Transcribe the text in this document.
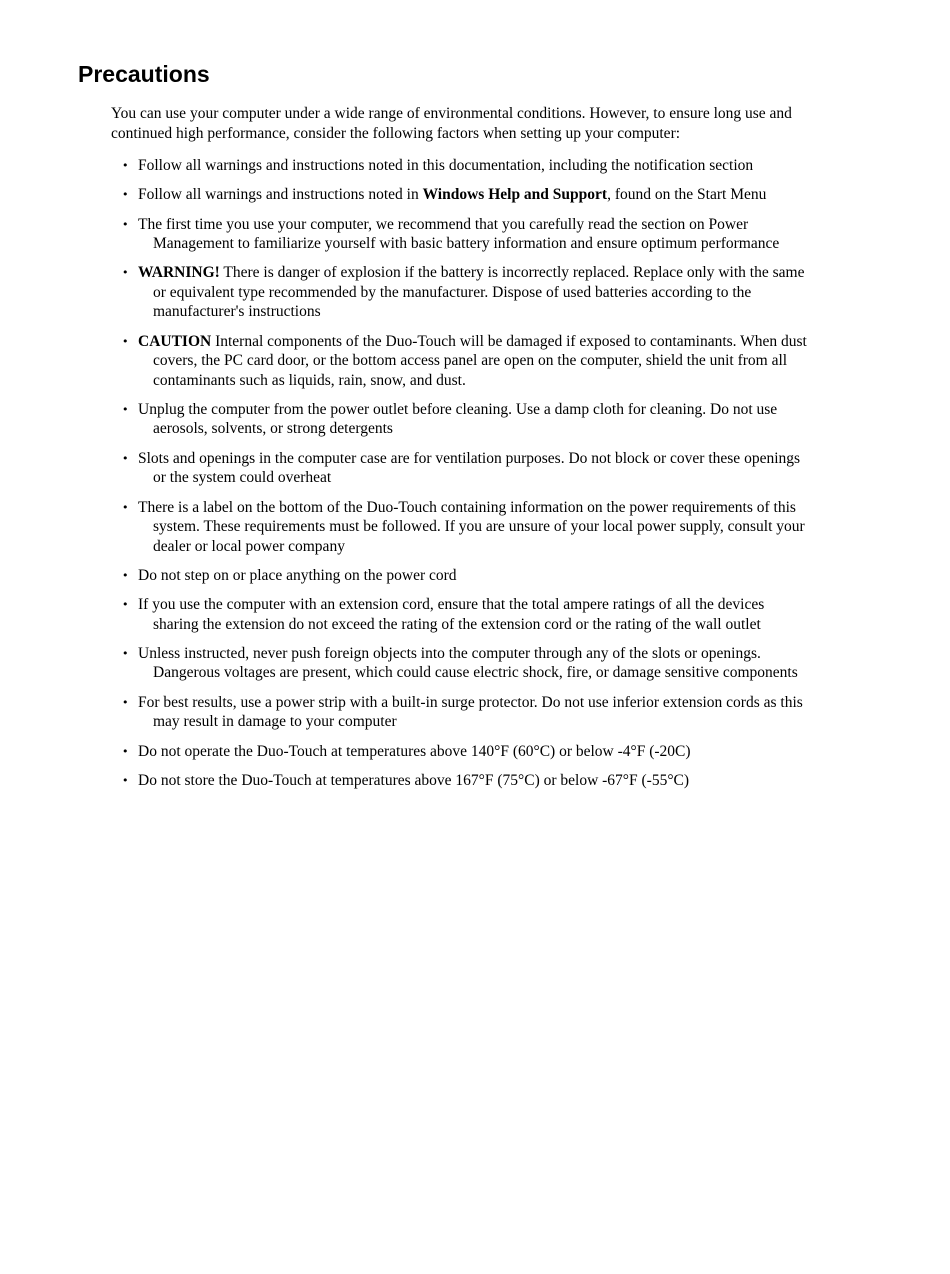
Precautions

You can use your computer under a wide range of environmental conditions. However, to ensure long use and continued high performance, consider the following factors when setting up your computer:

• Follow all warnings and instructions noted in this documentation, including the notification section
• Follow all warnings and instructions noted in Windows Help and Support, found on the Start Menu
• The first time you use your computer, we recommend that you carefully read the section on Power Management to familiarize yourself with basic battery information and ensure optimum performance
• WARNING! There is danger of explosion if the battery is incorrectly replaced. Replace only with the same or equivalent type recommended by the manufacturer. Dispose of used batteries according to the manufacturer's instructions
• CAUTION Internal components of the Duo-Touch will be damaged if exposed to contaminants. When dust covers, the PC card door, or the bottom access panel are open on the computer, shield the unit from all contaminants such as liquids, rain, snow, and dust.
• Unplug the computer from the power outlet before cleaning. Use a damp cloth for cleaning. Do not use aerosols, solvents, or strong detergents
• Slots and openings in the computer case are for ventilation purposes. Do not block or cover these openings or the system could overheat
• There is a label on the bottom of the Duo-Touch containing information on the power requirements of this system. These requirements must be followed. If you are unsure of your local power supply, consult your dealer or local power company
• Do not step on or place anything on the power cord
• If you use the computer with an extension cord, ensure that the total ampere ratings of all the devices sharing the extension do not exceed the rating of the extension cord or the rating of the wall outlet
• Unless instructed, never push foreign objects into the computer through any of the slots or openings. Dangerous voltages are present, which could cause electric shock, fire, or damage sensitive components
• For best results, use a power strip with a built-in surge protector. Do not use inferior extension cords as this may result in damage to your computer
• Do not operate the Duo-Touch at temperatures above 140°F (60°C) or below -4°F (-20C)
• Do not store the Duo-Touch at temperatures above 167°F (75°C) or below -67°F (-55°C)
